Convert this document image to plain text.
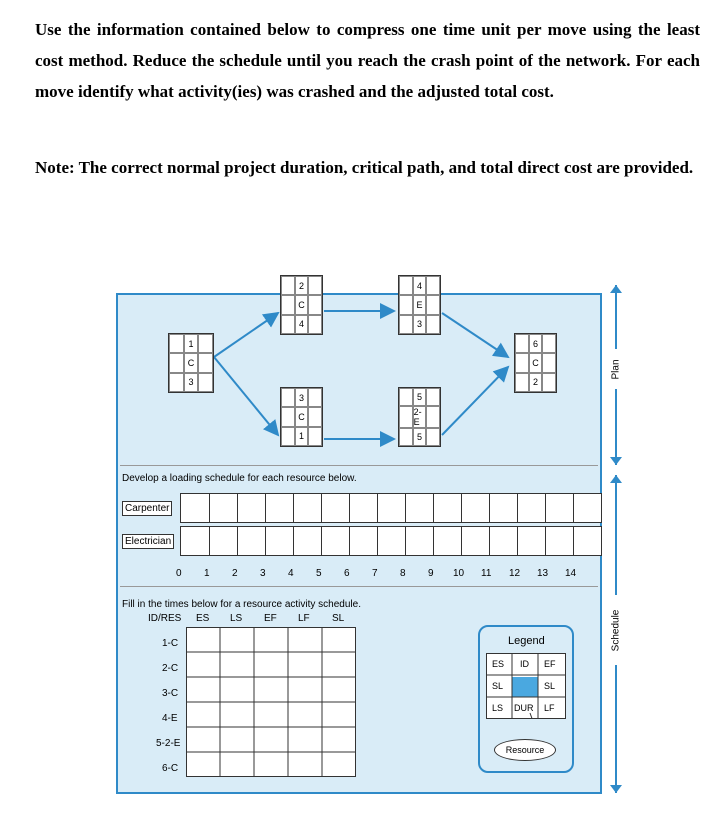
Use the information contained below to compress one time unit per move using the least cost method. Reduce the schedule until you reach the crash point of the network. For each move identify what activity(ies) was crashed and the adjusted total cost.

Note: The correct normal project duration, critical path, and total direct cost are provided.

1
C
3
2
C
4
3
C
1
4
E
3
5
2-E
5
6
C
2
Develop a loading schedule for each resource below.
Carpenter
Electrician
0 1 2 3 4 5 6 7 8 9 10 11 12 13 14
Fill in the times below for a resource activity schedule.
ID/RES ES LS EF LF SL
1-C
2-C
3-C
4-E
5-2-E
6-C
Legend
ES ID EF
SL	SL
LS DUR LF
Resource
Plan
Schedule
